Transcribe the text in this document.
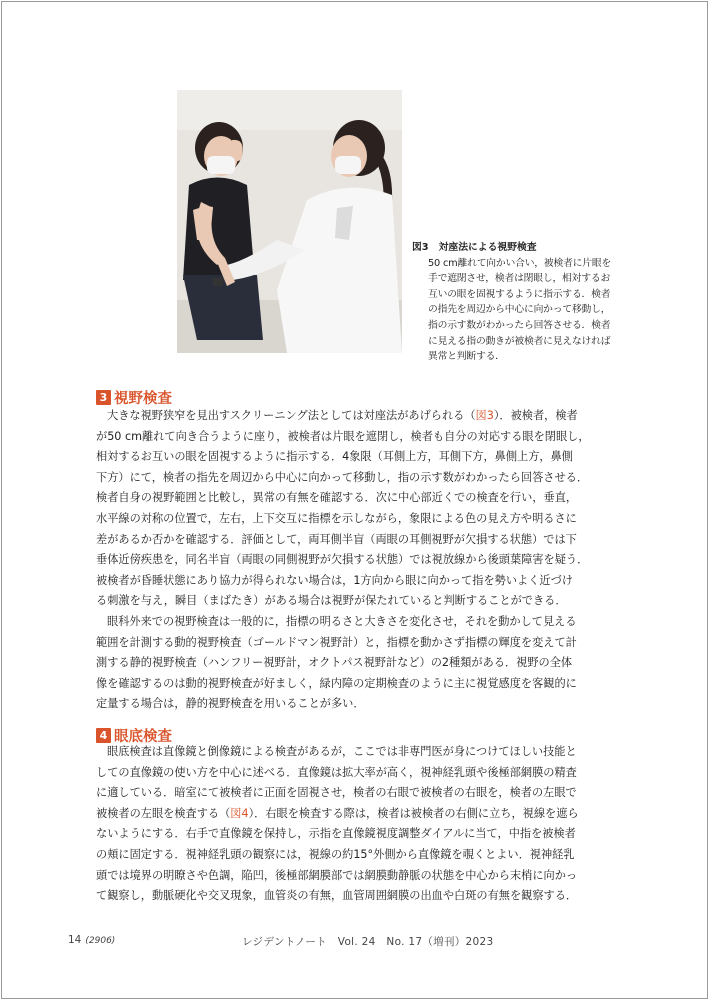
図3 対座法による視野検査
50 cm離れて向かい合い，被検者に片眼を
手で遮閉させ，検者は閉眼し，相対するお
互いの眼を固視するように指示する．検者
の指先を周辺から中心に向かって移動し，
指の示す数がわかったら回答させる．検者
に見える指の動きが被検者に見えなければ
異常と判断する．
3 視野検査
大きな視野狭窄を見出すスクリーニング法としては対座法があげられる（図3）．被検者，検者
が50 cm離れて向き合うように座り，被検者は片眼を遮閉し，検者も自分の対応する眼を閉眼し，
相対するお互いの眼を固視するように指示する．4象限（耳側上方，耳側下方，鼻側上方，鼻側
下方）にて，検者の指先を周辺から中心に向かって移動し，指の示す数がわかったら回答させる．
検者自身の視野範囲と比較し，異常の有無を確認する．次に中心部近くでの検査を行い，垂直，
水平線の対称の位置で，左右，上下交互に指標を示しながら，象限による色の見え方や明るさに
差があるか否かを確認する．評価として，両耳側半盲（両眼の耳側視野が欠損する状態）では下
垂体近傍疾患を，同名半盲（両眼の同側視野が欠損する状態）では視放線から後頭葉障害を疑う．
被検者が昏睡状態にあり協力が得られない場合は，1方向から眼に向かって指を勢いよく近づけ
る刺激を与え，瞬目（まばたき）がある場合は視野が保たれていると判断することができる．
眼科外来での視野検査は一般的に，指標の明るさと大きさを変化させ，それを動かして見える
範囲を計測する動的視野検査（ゴールドマン視野計）と，指標を動かさず指標の輝度を変えて計
測する静的視野検査（ハンフリー視野計，オクトパス視野計など）の2種類がある．視野の全体
像を確認するのは動的視野検査が好ましく，緑内障の定期検査のように主に視覚感度を客観的に
定量する場合は，静的視野検査を用いることが多い．
4 眼底検査
眼底検査は直像鏡と倒像鏡による検査があるが，ここでは非専門医が身につけてほしい技能と
しての直像鏡の使い方を中心に述べる．直像鏡は拡大率が高く，視神経乳頭や後極部網膜の精査
に適している．暗室にて被検者に正面を固視させ，検者の右眼で被検者の右眼を，検者の左眼で
被検者の左眼を検査する（図4）．右眼を検査する際は，検者は被検者の右側に立ち，視線を遮ら
ないようにする．右手で直像鏡を保持し，示指を直像鏡視度調整ダイアルに当て，中指を被検者
の頬に固定する．視神経乳頭の観察には，視線の約15°外側から直像鏡を覗くとよい．視神経乳
頭では境界の明瞭さや色調，陥凹，後極部網膜部では網膜動静脈の状態を中心から末梢に向かっ
て観察し，動脈硬化や交叉現象，血管炎の有無，血管周囲網膜の出血や白斑の有無を観察する．
14 (2906)	レジデントノート　Vol. 24　No. 17（増刊）2023
